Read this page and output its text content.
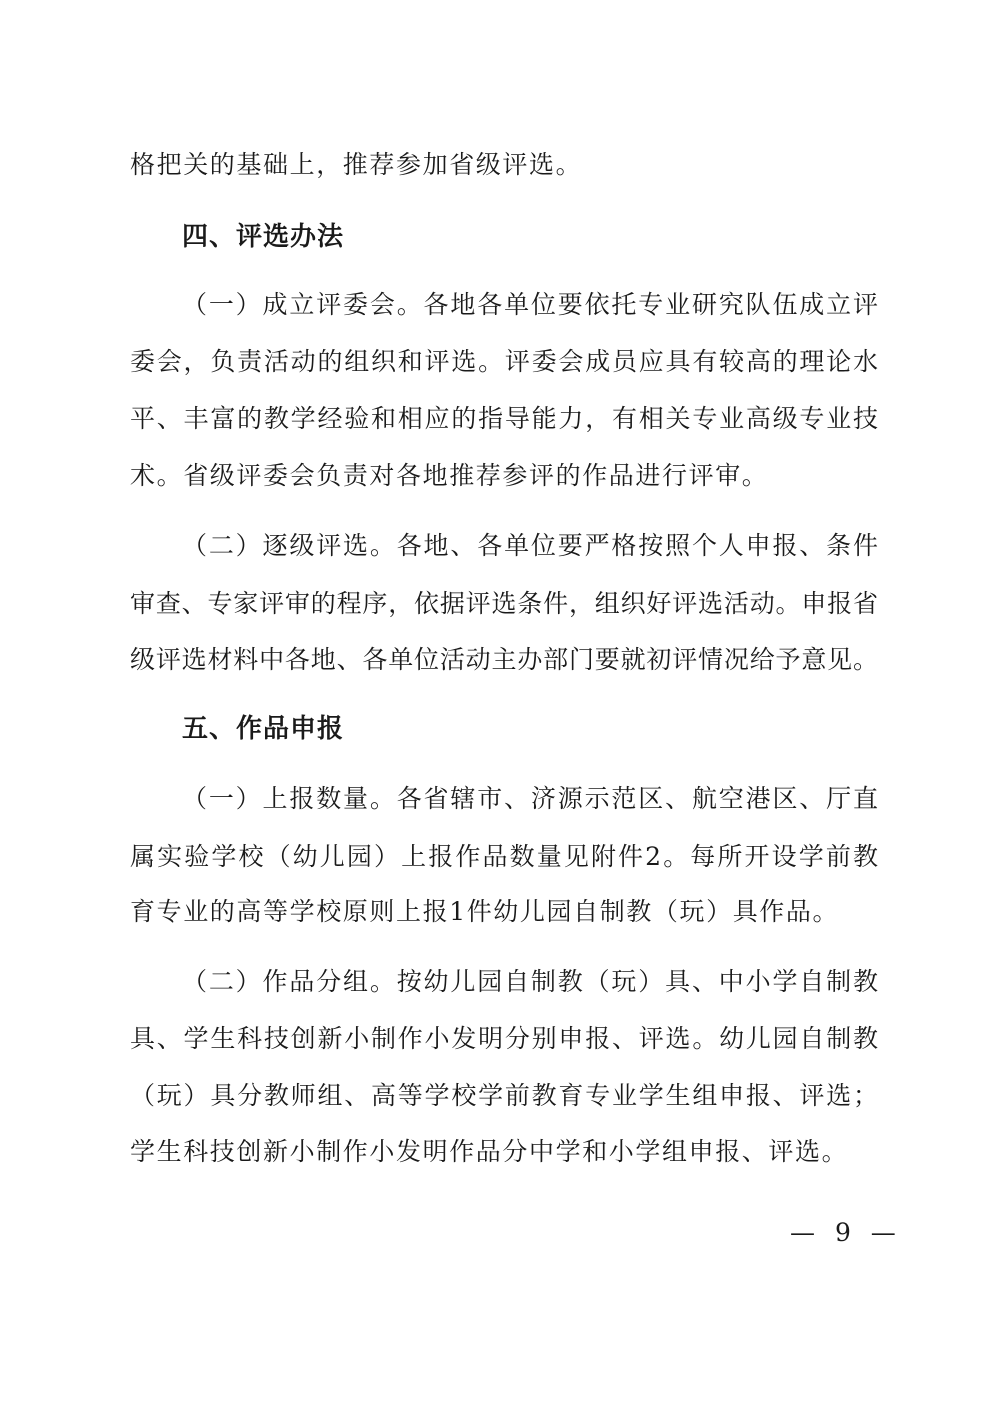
格把关的基础上，推荐参加省级评选。
四、评选办法
（一）成立评委会。各地各单位要依托专业研究队伍成立评
委会，负责活动的组织和评选。评委会成员应具有较高的理论水
平、丰富的教学经验和相应的指导能力，有相关专业高级专业技
术。省级评委会负责对各地推荐参评的作品进行评审。
（二）逐级评选。各地、各单位要严格按照个人申报、条件
审查、专家评审的程序，依据评选条件，组织好评选活动。申报省
级评选材料中各地、各单位活动主办部门要就初评情况给予意见。
五、作品申报
（一）上报数量。各省辖市、济源示范区、航空港区、厅直
属实验学校（幼儿园）上报作品数量见附件2。每所开设学前教
育专业的高等学校原则上报1件幼儿园自制教（玩）具作品。
（二）作品分组。按幼儿园自制教（玩）具、中小学自制教
具、学生科技创新小制作小发明分别申报、评选。幼儿园自制教
（玩）具分教师组、高等学校学前教育专业学生组申报、评选；
学生科技创新小制作小发明作品分中学和小学组申报、评选。
— 9 —
